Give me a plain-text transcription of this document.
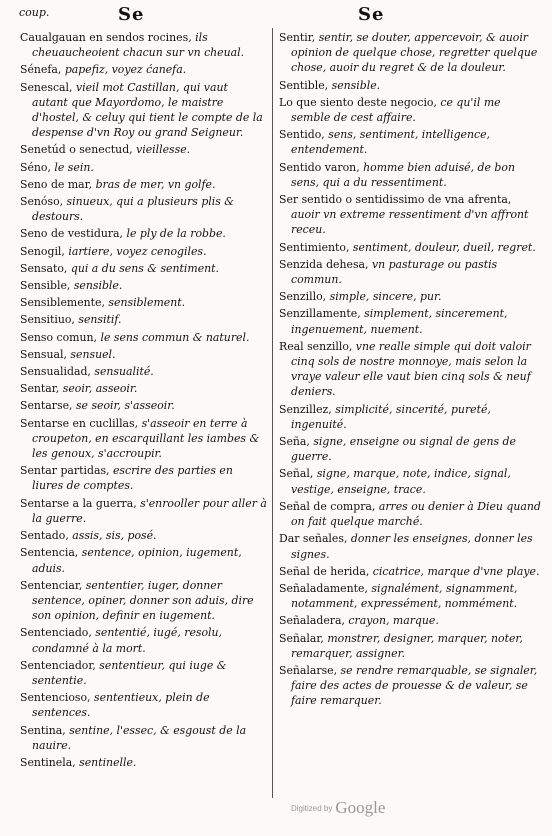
coup.	Se	Se

Caualgauan en sendos rocines, ils cheuaucheoient chacun sur vn cheual.

Sénefa, papefiz, voyez ćanefa.

Senescal, vieil mot Castillan, qui vaut autant que Mayordomo, le maistre d'hostel, & celuy qui tient le compte de la despense d'vn Roy ou grand Seigneur.

Senetúd o senectud, vieillesse.

Séno, le sein.

Seno de mar, bras de mer, vn golfe.

Senóso, sinueux, qui a plusieurs plis & destours.

Seno de vestidura, le ply de la robbe.

Senogil, iartiere, voyez cenogiles.

Sensato, qui a du sens & sentiment.

Sensible, sensible.

Sensiblemente, sensiblement.

Sensitiuo, sensitif.

Senso comun, le sens commun & naturel.

Sensual, sensuel.

Sensualidad, sensualité.

Sentar, seoir, asseoir.

Sentarse, se seoir, s'asseoir.

Sentarse en cuclillas, s'asseoir en terre à croupeton, en escarquillant les iambes & les genoux, s'accroupir.

Sentar partidas, escrire des parties en liures de comptes.

Sentarse a la guerra, s'enrooller pour aller à la guerre.

Sentado, assis, sis, posé.

Sentencia, sentence, opinion, iugement, aduis.

Sentenciar, sententier, iuger, donner sentence, opiner, donner son aduis, dire son opinion, definir en iugement.

Sentenciado, sententié, iugé, resolu, condamné à la mort.

Sentenciador, sententieur, qui iuge & sententie.

Sentencioso, sententieux, plein de sentences.

Sentina, sentine, l'essec, & esgoust de la nauire.

Sentinela, sentinelle.

Sentir, sentir, se douter, appercevoir, & auoir opinion de quelque chose, regretter quelque chose, auoir du regret & de la douleur.

Sentible, sensible.

Lo que siento deste negocio, ce qu'il me semble de cest affaire.

Sentido, sens, sentiment, intelligence, entendement.

Sentido varon, homme bien aduisé, de bon sens, qui a du ressentiment.

Ser sentido o sentidissimo de vna afrenta, auoir vn extreme ressentiment d'vn affront receu.

Sentimiento, sentiment, douleur, dueil, regret.

Senzida dehesa, vn pasturage ou pastis commun.

Senzillo, simple, sincere, pur.

Senzillamente, simplement, sincerement, ingenuement, nuement.

Real senzillo, vne realle simple qui doit valoir cinq sols de nostre monnoye, mais selon la vraye valeur elle vaut bien cinq sols & neuf deniers.

Senzillez, simplicité, sincerité, pureté, ingenuité.

Seña, signe, enseigne ou signal de gens de guerre.

Señal, signe, marque, note, indice, signal, vestige, enseigne, trace.

Señal de compra, arres ou denier à Dieu quand on fait quelque marché.

Dar señales, donner les enseignes, donner les signes.

Señal de herida, cicatrice, marque d'vne playe.

Señaladamente, signalément, signamment, notamment, expressément, nommément.

Señaladera, crayon, marque.

Señalar, monstrer, designer, marquer, noter, remarquer, assigner.

Señalarse, se rendre remarquable, se signaler, faire des actes de prouesse & de valeur, se faire remarquer.

Digitized by Google
